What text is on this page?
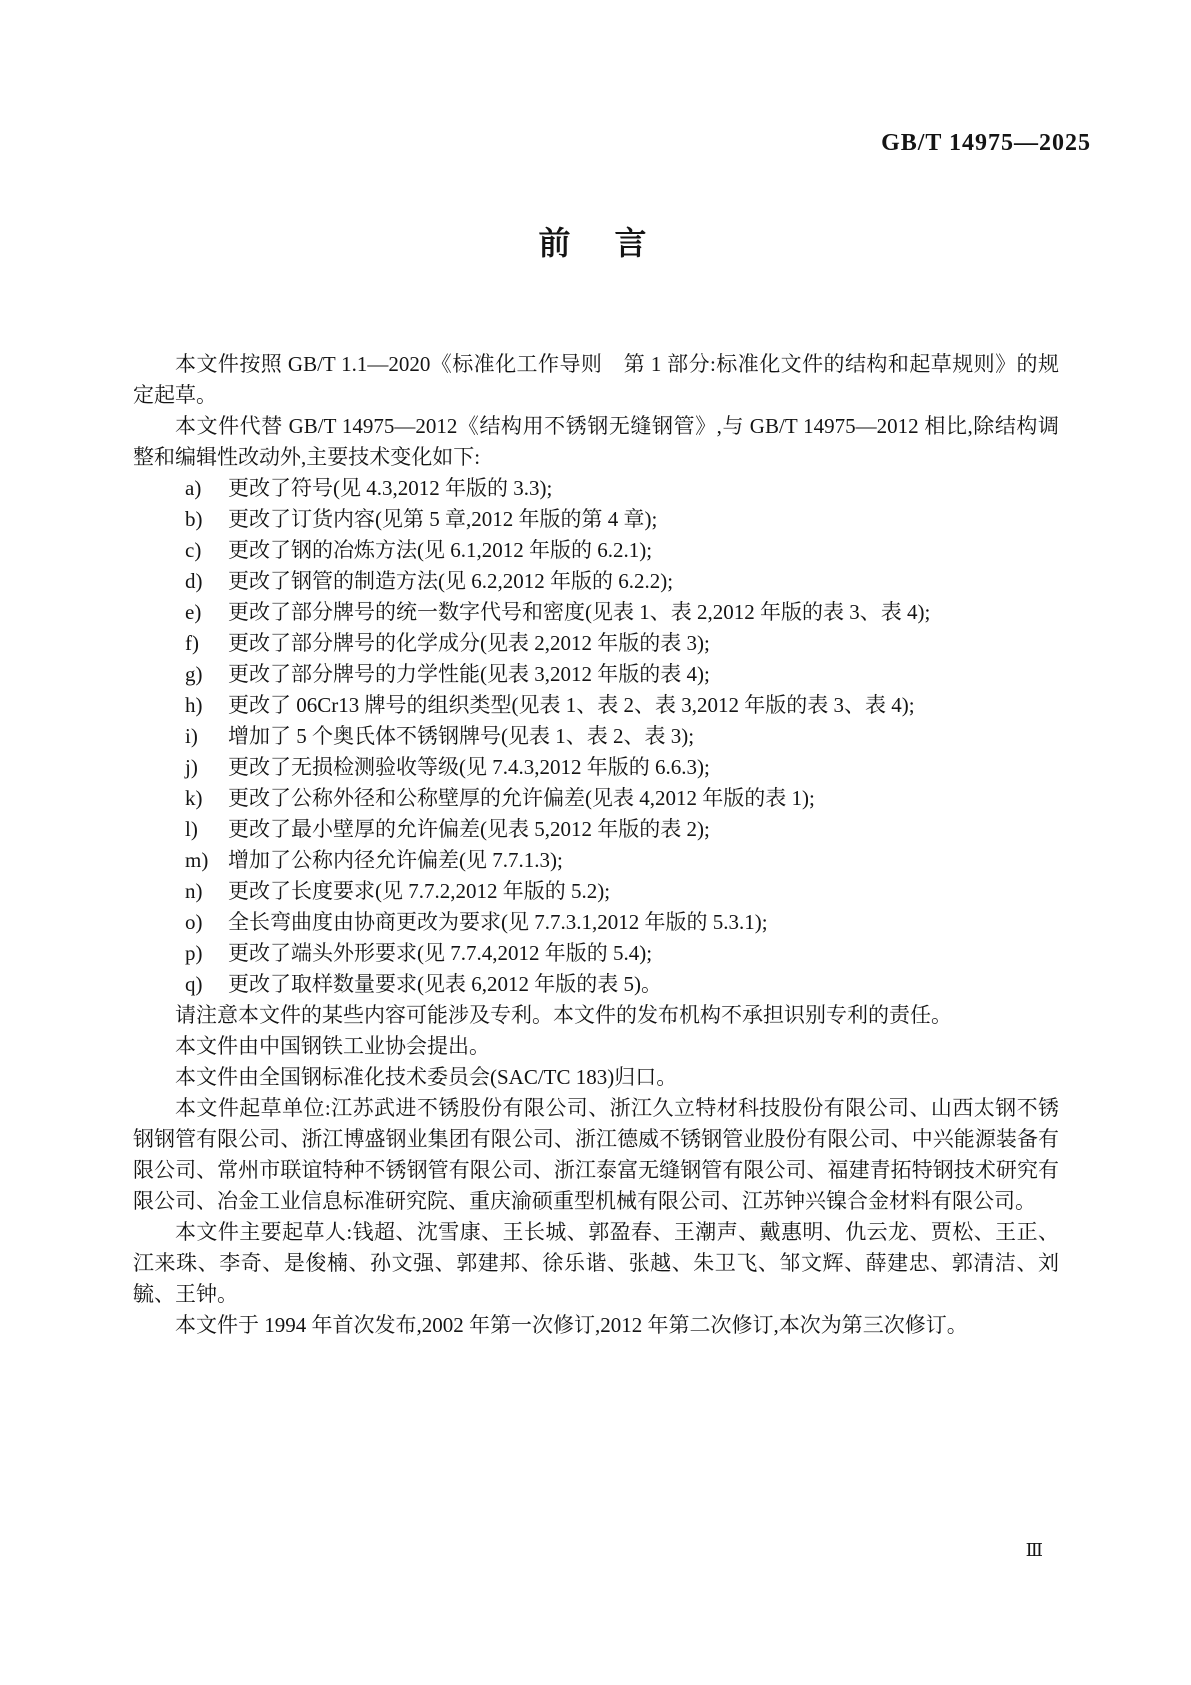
GB/T 14975—2025
前　言

本文件按照 GB/T 1.1—2020《标准化工作导则　第 1 部分:标准化文件的结构和起草规则》的规定起草。

本文件代替 GB/T 14975—2012《结构用不锈钢无缝钢管》,与 GB/T 14975—2012 相比,除结构调整和编辑性改动外,主要技术变化如下:

a)	更改了符号(见 4.3,2012 年版的 3.3);
b)	更改了订货内容(见第 5 章,2012 年版的第 4 章);
c)	更改了钢的冶炼方法(见 6.1,2012 年版的 6.2.1);
d)	更改了钢管的制造方法(见 6.2,2012 年版的 6.2.2);
e)	更改了部分牌号的统一数字代号和密度(见表 1、表 2,2012 年版的表 3、表 4);
f)	更改了部分牌号的化学成分(见表 2,2012 年版的表 3);
g)	更改了部分牌号的力学性能(见表 3,2012 年版的表 4);
h)	更改了 06Cr13 牌号的组织类型(见表 1、表 2、表 3,2012 年版的表 3、表 4);
i)	增加了 5 个奥氏体不锈钢牌号(见表 1、表 2、表 3);
j)	更改了无损检测验收等级(见 7.4.3,2012 年版的 6.6.3);
k)	更改了公称外径和公称壁厚的允许偏差(见表 4,2012 年版的表 1);
l)	更改了最小壁厚的允许偏差(见表 5,2012 年版的表 2);
m) 增加了公称内径允许偏差(见 7.7.1.3);
n)	更改了长度要求(见 7.7.2,2012 年版的 5.2);
o)	全长弯曲度由协商更改为要求(见 7.7.3.1,2012 年版的 5.3.1);
p)	更改了端头外形要求(见 7.7.4,2012 年版的 5.4);
q)	更改了取样数量要求(见表 6,2012 年版的表 5)。

请注意本文件的某些内容可能涉及专利。本文件的发布机构不承担识别专利的责任。

本文件由中国钢铁工业协会提出。

本文件由全国钢标准化技术委员会(SAC/TC 183)归口。

本文件起草单位:江苏武进不锈股份有限公司、浙江久立特材科技股份有限公司、山西太钢不锈钢钢管有限公司、浙江博盛钢业集团有限公司、浙江德威不锈钢管业股份有限公司、中兴能源装备有限公司、常州市联谊特种不锈钢管有限公司、浙江泰富无缝钢管有限公司、福建青拓特钢技术研究有限公司、冶金工业信息标准研究院、重庆渝硕重型机械有限公司、江苏钟兴镍合金材料有限公司。

本文件主要起草人:钱超、沈雪康、王长城、郭盈春、王潮声、戴惠明、仇云龙、贾松、王正、江来珠、李奇、是俊楠、孙文强、郭建邦、徐乐谐、张越、朱卫飞、邹文辉、薛建忠、郭清洁、刘毓、王钟。

本文件于 1994 年首次发布,2002 年第一次修订,2012 年第二次修订,本次为第三次修订。

Ⅲ
